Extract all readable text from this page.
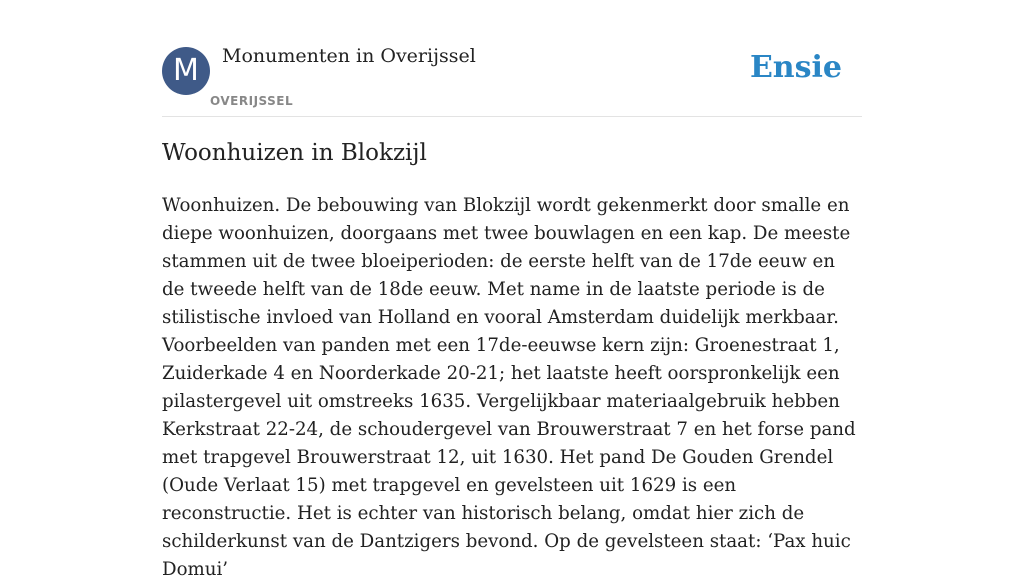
M	Monumenten in Overijssel
OVERIJSSEL
Ensie
Woonhuizen in Blokzijl

Woonhuizen. De bebouwing van Blokzijl wordt gekenmerkt door smalle en diepe woonhuizen, doorgaans met twee bouwlagen en een kap. De meeste stammen uit de twee bloeiperioden: de eerste helft van de 17de eeuw en de tweede helft van de 18de eeuw. Met name in de laatste periode is de stilistische invloed van Holland en vooral Amsterdam duidelijk merkbaar. Voorbeelden van panden met een 17de-eeuwse kern zijn: Groenestraat 1, Zuiderkade 4 en Noorderkade 20-21; het laatste heeft oorspronkelijk een pilastergevel uit omstreeks 1635. Vergelijkbaar materiaalgebruik hebben Kerkstraat 22-24, de schoudergevel van Brouwerstraat 7 en het forse pand met trapgevel Brouwerstraat 12, uit 1630. Het pand De Gouden Grendel (Oude Verlaat 15) met trapgevel en gevelsteen uit 1629 is een reconstructie. Het is echter van historisch belang, omdat hier zich de schilderkunst van de Dantzigers bevond. Op de gevelsteen staat: ‘Pax huic Domui’
